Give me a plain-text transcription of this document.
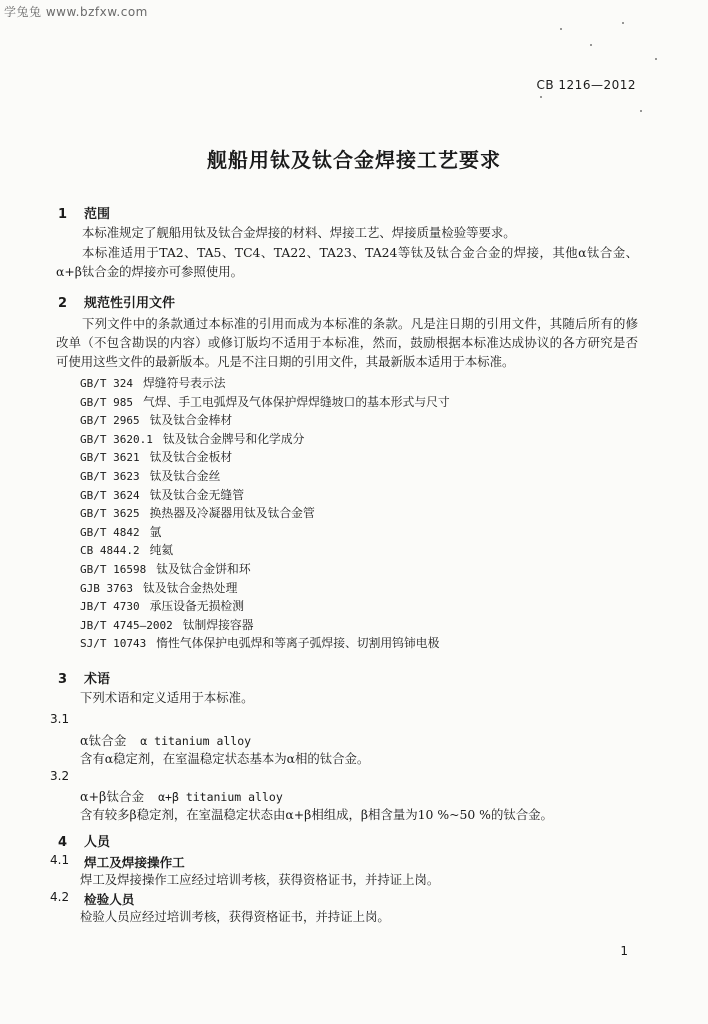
学兔兔 www.bzfxw.com
CB 1216—2012
舰船用钛及钛合金焊接工艺要求
1 范围
本标准规定了舰船用钛及钛合金焊接的材料、焊接工艺、焊接质量检验等要求。
本标准适用于TA2、TA5、TC4、TA22、TA23、TA24等钛及钛合金合金的焊接，其他α钛合金、α+β钛合金的焊接亦可参照使用。
2 规范性引用文件
下列文件中的条款通过本标准的引用而成为本标准的条款。凡是注日期的引用文件，其随后所有的修改单（不包含勘误的内容）或修订版均不适用于本标准，然而，鼓励根据本标准达成协议的各方研究是否可使用这些文件的最新版本。凡是不注日期的引用文件，其最新版本适用于本标准。
GB/T 324 焊缝符号表示法
GB/T 985 气焊、手工电弧焊及气体保护焊焊缝坡口的基本形式与尺寸
GB/T 2965 钛及钛合金棒材
GB/T 3620.1 钛及钛合金牌号和化学成分
GB/T 3621 钛及钛合金板材
GB/T 3623 钛及钛合金丝
GB/T 3624 钛及钛合金无缝管
GB/T 3625 换热器及冷凝器用钛及钛合金管
GB/T 4842 氩
CB 4844.2 纯氦
GB/T 16598 钛及钛合金饼和环
GJB 3763 钛及钛合金热处理
JB/T 4730 承压设备无损检测
JB/T 4745—2002 钛制焊接容器
SJ/T 10743 惰性气体保护电弧焊和等离子弧焊接、切割用钨铈电极
3 术语
下列术语和定义适用于本标准。
3.1
α钛合金 α titanium alloy
含有α稳定剂，在室温稳定状态基本为α相的钛合金。
3.2
α+β钛合金 α+β titanium alloy
含有较多β稳定剂，在室温稳定状态由α+β相组成，β相含量为10 %~50 %的钛合金。
4 人员
4.1 焊工及焊接操作工
焊工及焊接操作工应经过培训考核，获得资格证书，并持证上岗。
4.2 检验人员
检验人员应经过培训考核，获得资格证书，并持证上岗。
1
